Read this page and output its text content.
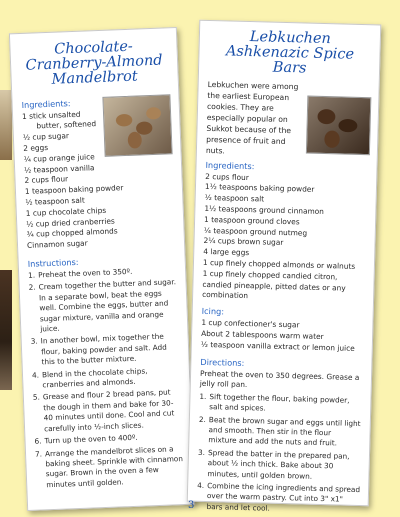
Chocolate-
Cranberry-Almond
Mandelbrot
Ingredients:
1 stick unsalted
butter, softened
½ cup sugar
2 eggs
¼ cup orange juice
½ teaspoon vanilla
2 cups flour
1 teaspoon baking powder
½ teaspoon salt
1 cup chocolate chips
½ cup dried cranberries
¾ cup chopped almonds
Cinnamon sugar
Instructions:
1. Preheat the oven to 350º.
2. Cream together the butter and sugar. In a separate bowl, beat the eggs well. Combine the eggs, butter and sugar mixture, vanilla and orange juice.
3. In another bowl, mix together the flour, baking powder and salt. Add this to the butter mixture.
4. Blend in the chocolate chips, cranberries and almonds.
5. Grease and flour 2 bread pans, put the dough in them and bake for 30-40 minutes until done. Cool and cut carefully into ½-inch slices.
6. Turn up the oven to 400º.
7. Arrange the mandelbrot slices on a baking sheet. Sprinkle with cinnamon sugar. Brown in the oven a few minutes until golden.
Lebkuchen
Ashkenazic Spice Bars
Lebkuchen were among the earliest European cookies. They are especially popular on Sukkot because of the presence of fruit and nuts.
Ingredients:
2 cups flour
1½ teaspoons baking powder
½ teaspoon salt
1½ teaspoons ground cinnamon
1 teaspoon ground cloves
¼ teaspoon ground nutmeg
2¼ cups brown sugar
4 large eggs
1 cup finely chopped almonds or walnuts
1 cup finely chopped candied citron, candied pineapple, pitted dates or any combination
Icing:
1 cup confectioner's sugar
About 2 tablespoons warm water
½ teaspoon vanilla extract or lemon juice
Directions:
Preheat the oven to 350 degrees. Grease a jelly roll pan.
1. Sift together the flour, baking powder, salt and spices.
2. Beat the brown sugar and eggs until light and smooth. Then stir in the flour mixture and add the nuts and fruit.
3. Spread the batter in the prepared pan, about ½ inch thick. Bake about 30 minutes, until golden brown.
4. Combine the icing ingredients and spread over the warm pastry. Cut into 3" x1" bars and let cool.
3
